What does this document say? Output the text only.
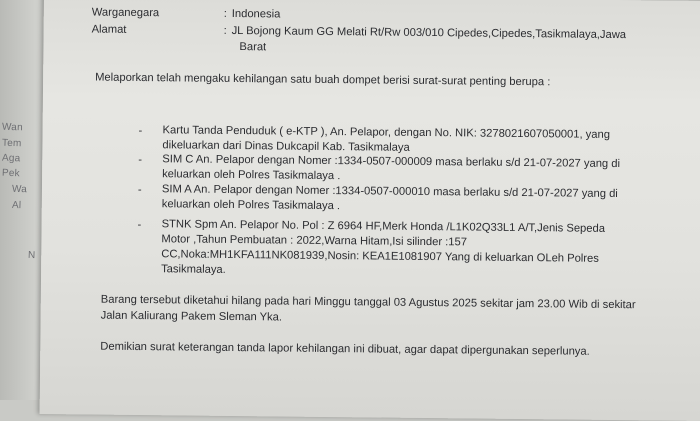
Wan
Tem
Aga
Pek
Wa
Al
N
Warganegara	: Indonesia
Alamat	: JL Bojong Kaum GG Melati Rt/Rw 003/010 Cipedes,Cipedes,Tasikmalaya,Jawa
Barat
Melaporkan telah mengaku kehilangan satu buah dompet berisi surat-surat penting berupa :
- Kartu Tanda Penduduk ( e-KTP ), An. Pelapor, dengan No. NIK: 3278021607050001, yang
dikeluarkan dari Dinas Dukcapil Kab. Tasikmalaya
- SIM C An. Pelapor dengan Nomer :1334-0507-000009 masa berlaku s/d 21-07-2027 yang di
keluarkan oleh Polres Tasikmalaya .
- SIM A An. Pelapor dengan Nomer :1334-0507-000010 masa berlaku s/d 21-07-2027 yang di
keluarkan oleh Polres Tasikmalaya .
- STNK Spm An. Pelapor No. Pol : Z 6964 HF,Merk Honda /L1K02Q33L1 A/T,Jenis Sepeda
Motor ,Tahun Pembuatan : 2022,Warna Hitam,Isi silinder :157
CC,Noka:MH1KFA111NK081939,Nosin: KEA1E1081907 Yang di keluarkan OLeh Polres
Tasikmalaya.
Barang tersebut diketahui hilang pada hari Minggu tanggal 03 Agustus 2025 sekitar jam 23.00 Wib di sekitar
Jalan Kaliurang Pakem Sleman Yka.
Demikian surat keterangan tanda lapor kehilangan ini dibuat, agar dapat dipergunakan seperlunya.
